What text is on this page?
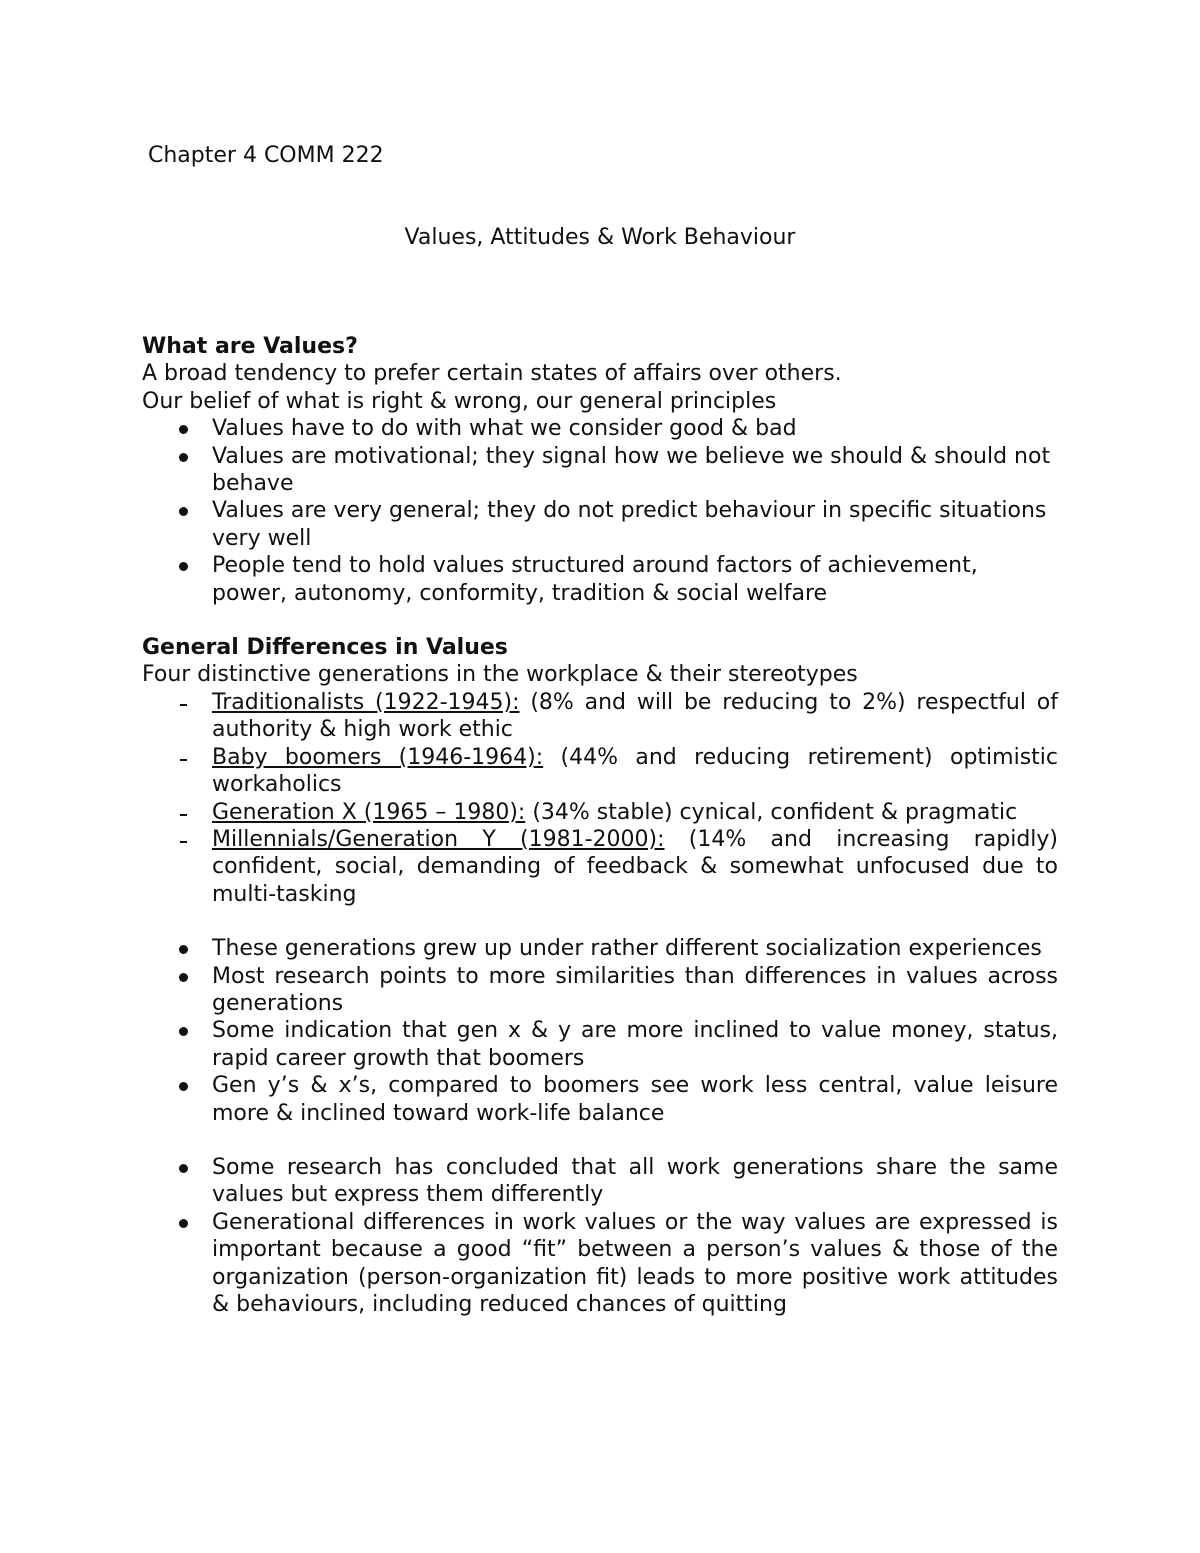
Chapter 4 COMM 222

Values, Attitudes & Work Behaviour
What are Values?

A broad tendency to prefer certain states of affairs over others.

Our belief of what is right & wrong, our general principles

Values have to do with what we consider good & bad
Values are motivational; they signal how we believe we should & should not behave
Values are very general; they do not predict behaviour in specific situations very well
People tend to hold values structured around factors of achievement, power, autonomy, conformity, tradition & social welfare
General Differences in Values

Four distinctive generations in the workplace & their stereotypes

Traditionalists (1922-1945): (8% and will be reducing to 2%) respectful of authority & high work ethic
Baby boomers (1946-1964): (44% and reducing retirement) optimistic workaholics
Generation X (1965 – 1980): (34% stable) cynical, confident & pragmatic
Millennials/Generation Y (1981-2000): (14% and increasing rapidly) confident, social, demanding of feedback & somewhat unfocused due to multi-tasking
These generations grew up under rather different socialization experiences
Most research points to more similarities than differences in values across generations
Some indication that gen x & y are more inclined to value money, status, rapid career growth that boomers
Gen y’s & x’s, compared to boomers see work less central, value leisure more & inclined toward work-life balance
Some research has concluded that all work generations share the same values but express them differently
Generational differences in work values or the way values are expressed is important because a good “fit” between a person’s values & those of the organization (person-organization fit) leads to more positive work attitudes & behaviours, including reduced chances of quitting
